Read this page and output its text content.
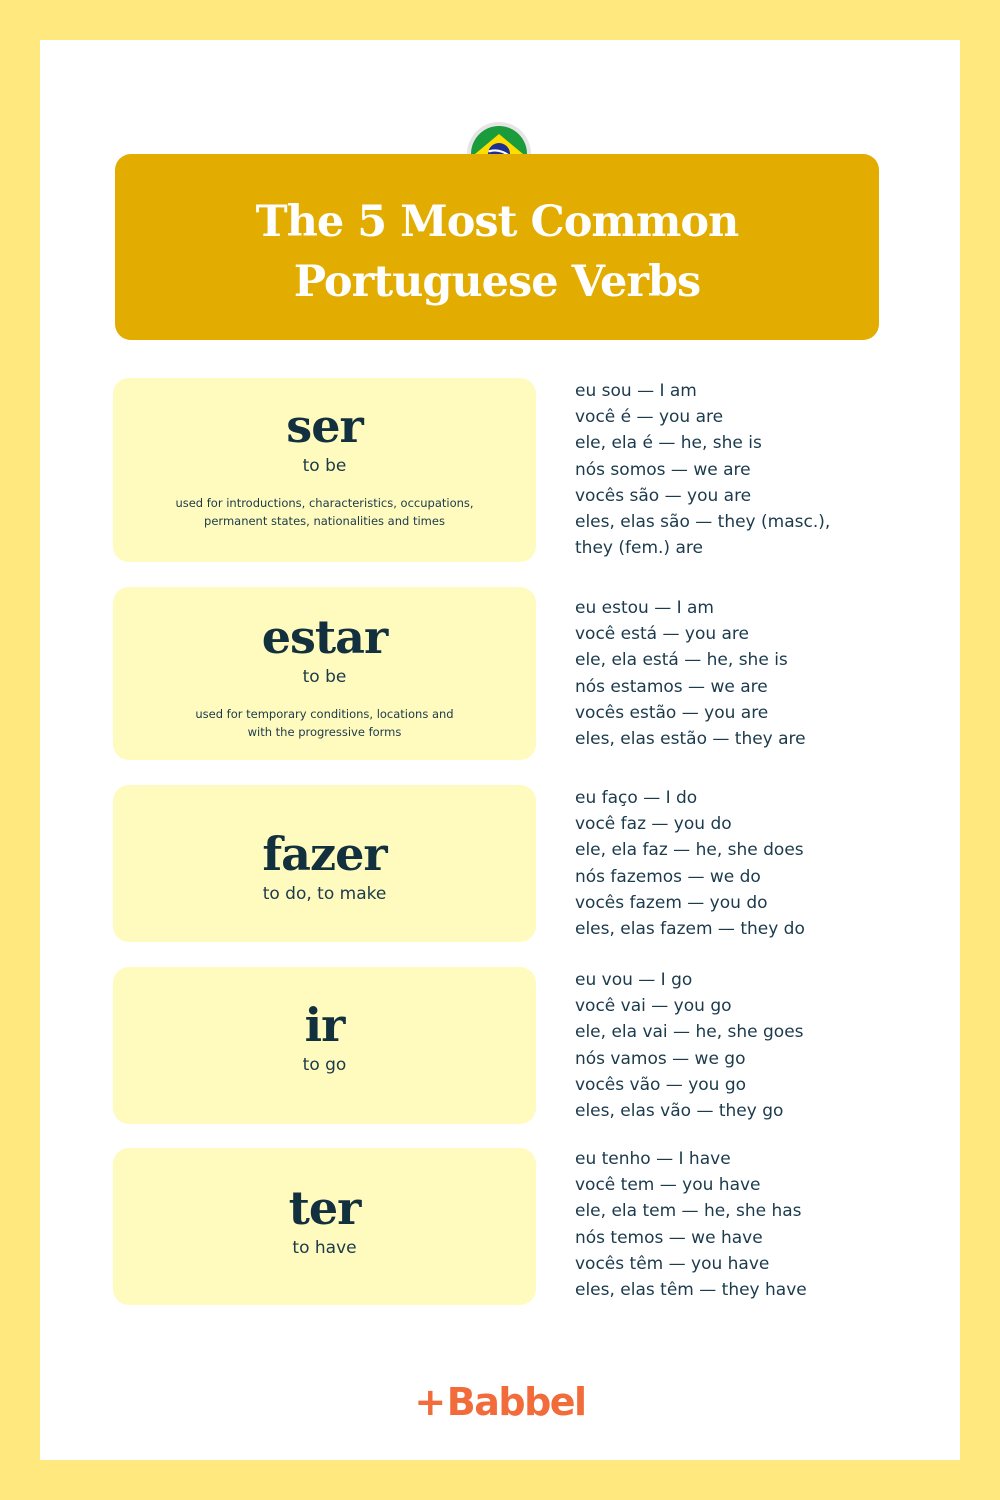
The 5 Most Common
Portuguese Verbs
ser
to be
used for introductions, characteristics, occupations,
permanent states, nationalities and times
eu sou — I am
você é — you are
ele, ela é — he, she is
nós somos — we are
vocês são — you are
eles, elas são — they (masc.),
they (fem.) are
estar
to be
used for temporary conditions, locations and
with the progressive forms
eu estou — I am
você está — you are
ele, ela está — he, she is
nós estamos — we are
vocês estão — you are
eles, elas estão — they are
fazer
to do, to make
eu faço — I do
você faz — you do
ele, ela faz — he, she does
nós fazemos — we do
vocês fazem — you do
eles, elas fazem — they do
ir
to go
eu vou — I go
você vai — you go
ele, ela vai — he, she goes
nós vamos — we go
vocês vão — you go
eles, elas vão — they go
ter
to have
eu tenho — I have
você tem — you have
ele, ela tem — he, she has
nós temos — we have
vocês têm — you have
eles, elas têm — they have
+Babbel
